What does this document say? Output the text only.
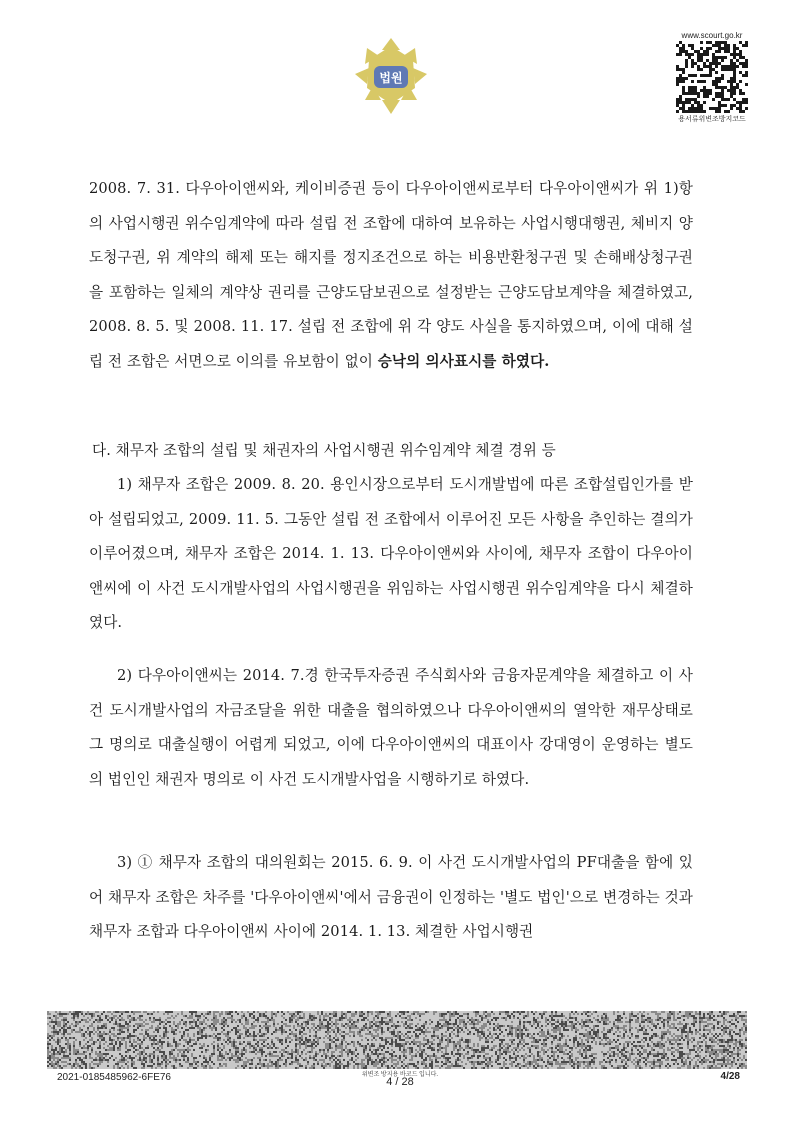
법원
www.scourt.go.kr
용서류위변조방지코드

2008. 7. 31. 다우아이앤씨와, 케이비증권 등이 다우아이앤씨로부터 다우아이앤씨가 위 1)항의 사업시행권 위수임계약에 따라 설립 전 조합에 대하여 보유하는 사업시행대행권, 체비지 양도청구권, 위 계약의 해제 또는 해지를 정지조건으로 하는 비용반환청구권 및 손해배상청구권을 포함하는 일체의 계약상 권리를 근양도담보권으로 설정받는 근양도담보계약을 체결하였고, 2008. 8. 5. 및 2008. 11. 17. 설립 전 조합에 위 각 양도 사실을 통지하였으며, 이에 대해 설립 전 조합은 서면으로 이의를 유보함이 없이 승낙의 의사표시를 하였다.

다. 채무자 조합의 설립 및 채권자의 사업시행권 위수임계약 체결 경위 등

1) 채무자 조합은 2009. 8. 20. 용인시장으로부터 도시개발법에 따른 조합설립인가를 받아 설립되었고, 2009. 11. 5. 그동안 설립 전 조합에서 이루어진 모든 사항을 추인하는 결의가 이루어졌으며, 채무자 조합은 2014. 1. 13. 다우아이앤씨와 사이에, 채무자 조합이 다우아이앤씨에 이 사건 도시개발사업의 사업시행권을 위임하는 사업시행권 위수임계약을 다시 체결하였다.

2) 다우아이앤씨는 2014. 7.경 한국투자증권 주식회사와 금융자문계약을 체결하고 이 사건 도시개발사업의 자금조달을 위한 대출을 협의하였으나 다우아이앤씨의 열악한 재무상태로 그 명의로 대출실행이 어렵게 되었고, 이에 다우아이앤씨의 대표이사 강대영이 운영하는 별도의 법인인 채권자 명의로 이 사건 도시개발사업을 시행하기로 하였다.

3) ① 채무자 조합의 대의원회는 2015. 6. 9. 이 사건 도시개발사업의 PF대출을 함에 있어 채무자 조합은 차주를 '다우아이앤씨'에서 금융권이 인정하는 '별도 법인'으로 변경하는 것과 채무자 조합과 다우아이앤씨 사이에 2014. 1. 13. 체결한 사업시행권

2021-0185485962-6FE76	위변조 방지용 바코드 입니다.
4 / 28	4/28
